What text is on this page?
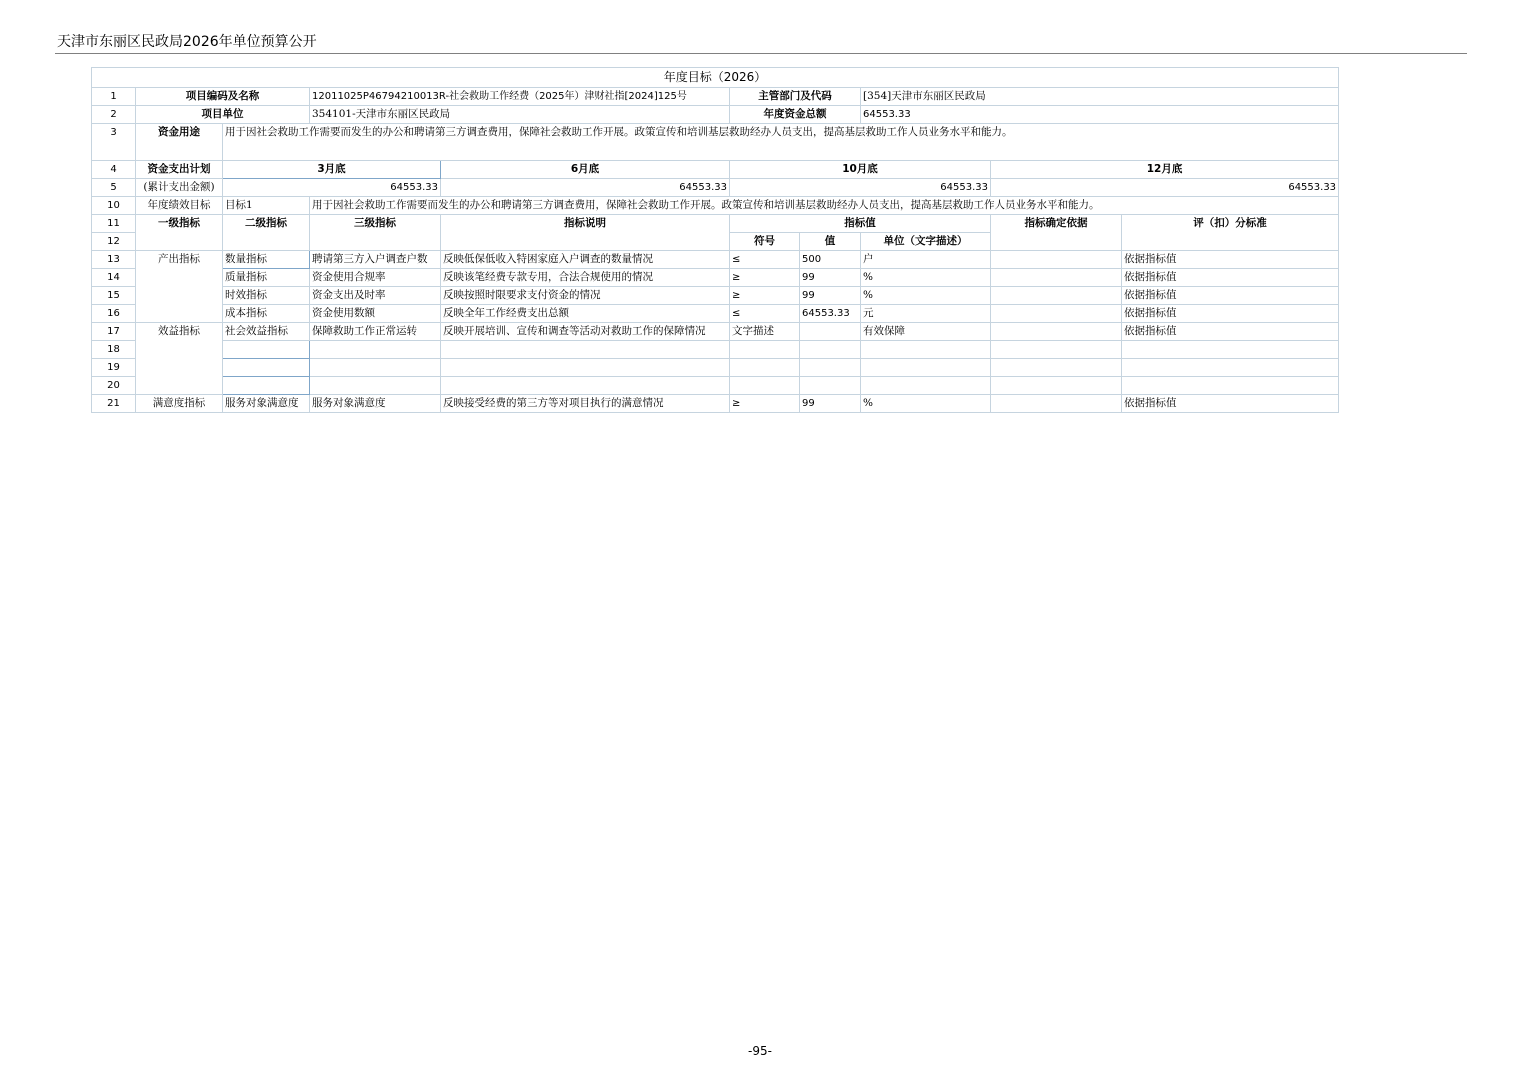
天津市东丽区民政局2026年单位预算公开
年度目标（2026）									
1	项目编码及名称		12011025P46794210013R-社会救助工作经费（2025年）津财社指[2024]125号		主管部门及代码		[354]天津市东丽区民政局		
2	项目单位		354101-天津市东丽区民政局		年度资金总额		64553.33		
3	资金用途	用于因社会救助工作需要而发生的办公和聘请第三方调查费用，保障社会救助工作开展。政策宣传和培训基层救助经办人员支出，提高基层救助工作人员业务水平和能力。							
4	资金支出计划	3月底		6月底	10月底			12月底	
5	(累计支出金额)	64553.33		64553.33	64553.33			64553.33	
10	年度绩效目标	目标1	用于因社会救助工作需要而发生的办公和聘请第三方调查费用，保障社会救助工作开展。政策宣传和培训基层救助经办人员支出，提高基层救助工作人员业务水平和能力。						
11	一级指标	二级指标	三级指标	指标说明	指标值			指标确定依据	评（扣）分标准
12					符号	值	单位（文字描述）		
13	产出指标	数量指标	聘请第三方入户调查户数	反映低保低收入特困家庭入户调查的数量情况	≤	500	户		依据指标值
14		质量指标	资金使用合规率	反映该笔经费专款专用，合法合规使用的情况	≥	99	%		依据指标值
15		时效指标	资金支出及时率	反映按照时限要求支付资金的情况	≥	99	%		依据指标值
16		成本指标	资金使用数额	反映全年工作经费支出总额	≤	64553.33	元		依据指标值
17	效益指标	社会效益指标	保障救助工作正常运转	反映开展培训、宣传和调查等活动对救助工作的保障情况	文字描述		有效保障		依据指标值
18									
19									
20									
21	满意度指标	服务对象满意度	服务对象满意度	反映接受经费的第三方等对项目执行的满意情况	≥	99	%		依据指标值
-95-
